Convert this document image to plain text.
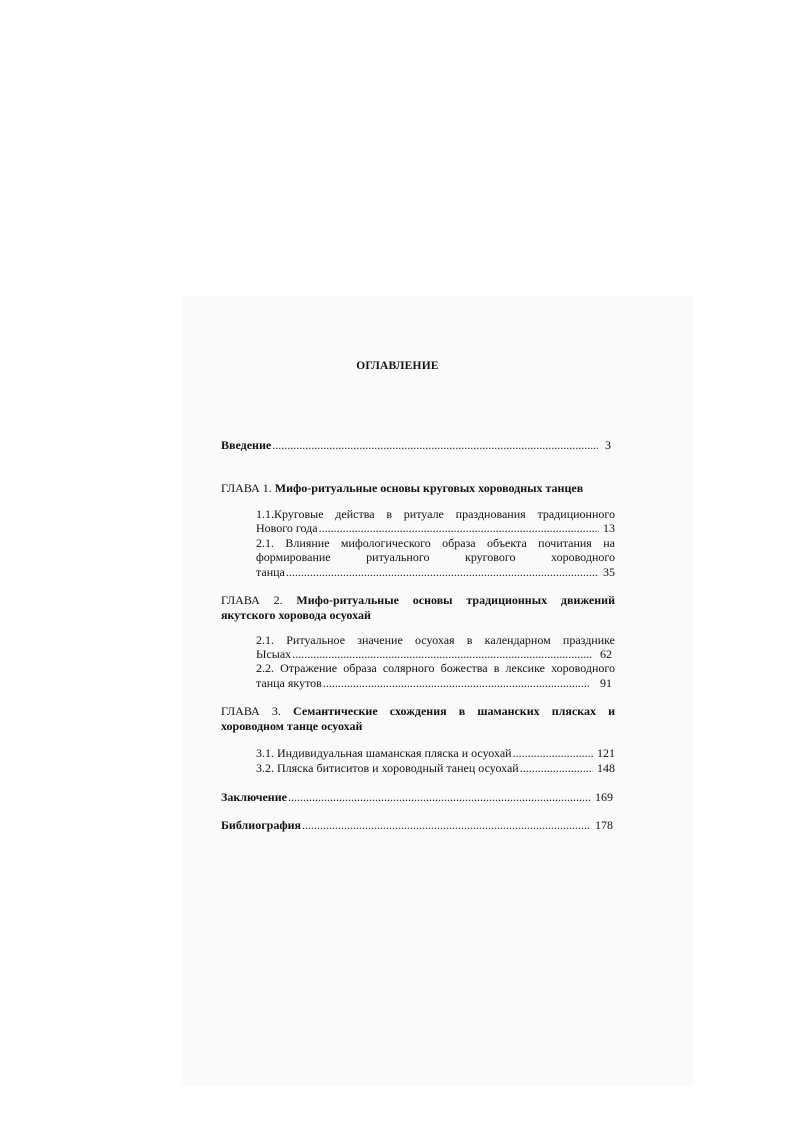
ОГЛАВЛЕНИЕ
Введение .....	3
ГЛАВА 1. Мифо-ритуальные основы круговых хороводных танцев
1.1.Круговые действа в ритуале празднования традиционного
Нового года .....	13
2.1. Влияние мифологического образа объекта почитания на
формирование ритуального кругового хороводного
танца .....	35
ГЛАВА 2. Мифо-ритуальные основы традиционных движений
якутского хоровода осуохай
2.1. Ритуальное значение осуохая в календарном празднике
Ысыах .....	62
2.2. Отражение образа солярного божества в лексике хороводного
танца якутов .....	91
ГЛАВА 3. Семантические схождения в шаманских плясках и
хороводном танце осуохай
3.1. Индивидуальная шаманская пляска и осуохай .....	121
3.2. Пляска битиситов и хороводный танец осуохай .....	148
Заключение .....	169
Библиография .....	178
